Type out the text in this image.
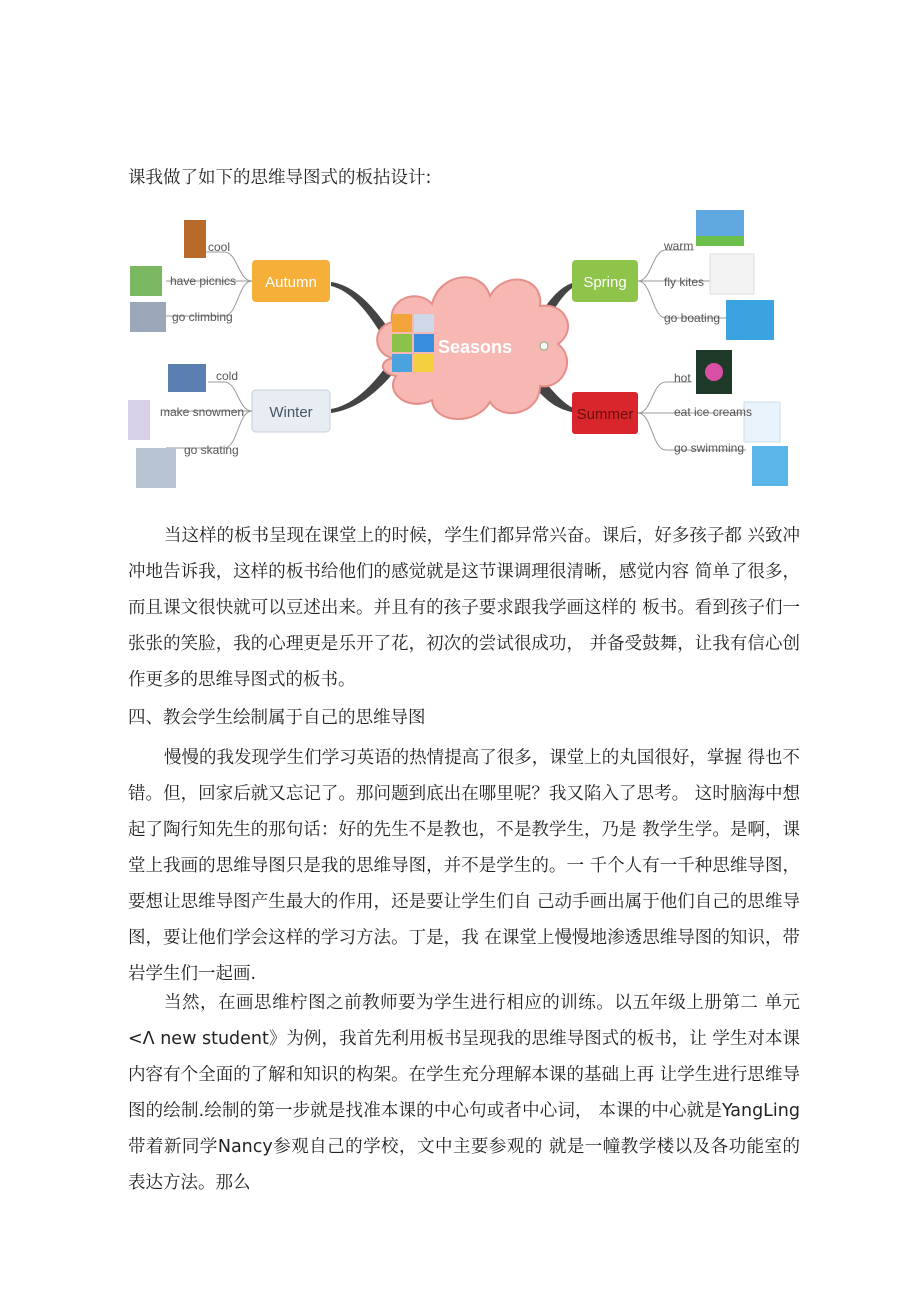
课我做了如下的思维导图式的板拈设计:

Seasons
Autumn
cool
have picnics
go climbing
Winter
cold
make snowmen
go skating
Spring
warm
fly kites
go boating
Summer
hot
eat ice creams
go swimming

当这样的板书呈现在课堂上的时候，学生们都异常兴奋。课后，好多孩子都 兴致冲冲地告诉我，这样的板书给他们的感觉就是这节课调理很清晰，感觉内容 简单了很多，而且课文很快就可以豆述出来。并且有的孩子要求跟我学画这样的 板书。看到孩子们一张张的笑脸，我的心理更是乐开了花，初次的尝试很成功， 并备受鼓舞，让我有信心创作更多的思维导图式的板书。

四、教会学生绘制属于自己的思维导图

慢慢的我发现学生们学习英语的热情提高了很多，课堂上的丸国很好，掌握 得也不错。但，回家后就又忘记了。那问题到底出在哪里呢？我又陷入了思考。 这时脑海中想起了陶行知先生的那句话：好的先生不是教也，不是教学生，乃是 教学生学。是啊，课堂上我画的思维导图只是我的思维导图，并不是学生的。一 千个人有一千种思维导图，要想让思维导图产生最大的作用，还是要让学生们自 己动手画出属于他们自己的思维导图，要让他们学会这样的学习方法。丁是，我 在课堂上慢慢地渗透思维导图的知识，带岩学生们一起画.

当然，在画思维柠图之前教师要为学生进行相应的训练。以五年级上册第二 单元<Λ new student》为例，我首先利用板书呈现我的思维导图式的板书，让 学生对本课内容有个全面的了解和知识的构架。在学生充分理解本课的基础上再 让学生进行思维导图的绘制.绘制的第一步就是找准本课的中心句或者中心词， 本课的中心就是YangLing带着新同学Nancy参观自己的学校，文中主要参观的 就是一幢教学楼以及各功能室的表达方法。那么
